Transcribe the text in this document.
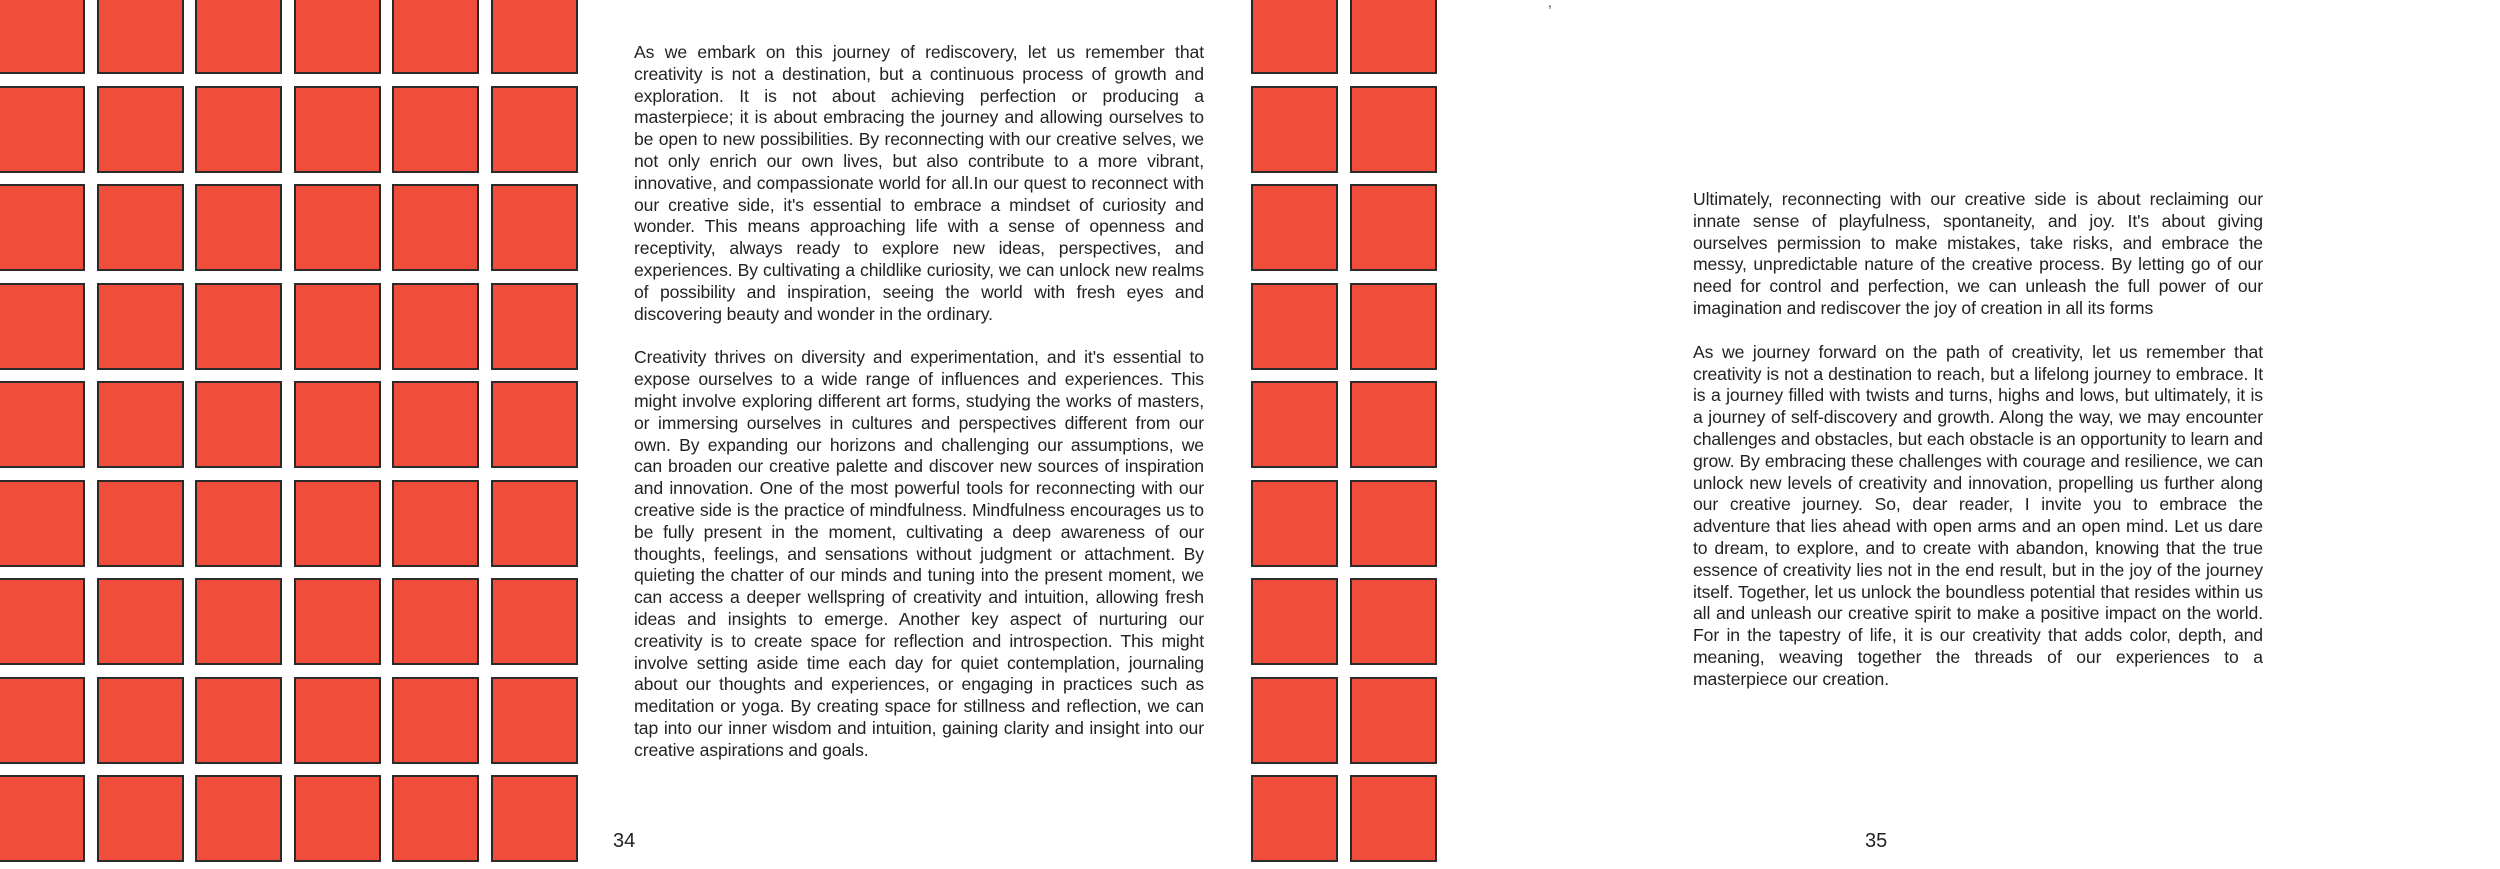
As we embark on this journey of rediscovery, let us remember that creativity is not a destination, but a continuous process of growth and exploration. It is not about achieving perfection or producing a masterpiece; it is about embracing the journey and allowing ourselves to be open to new possibilities. By reconnecting with our creative selves, we not only enrich our own lives, but also contribute to a more vibrant, innovative, and compassionate world for all.In our quest to reconnect with our creative side, it's essential to embrace a mindset of curiosity and wonder. This means approaching life with a sense of openness and receptivity, always ready to explore new ideas, perspectives, and experiences. By cultivating a childlike curiosity, we can unlock new realms of possibility and inspiration, seeing the world with fresh eyes and discovering beauty and wonder in the ordinary.

Creativity thrives on diversity and experimentation, and it's essential to expose ourselves to a wide range of influences and experiences. This might involve exploring different art forms, studying the works of masters, or immersing ourselves in cultures and perspectives different from our own. By expanding our horizons and challenging our assumptions, we can broaden our creative palette and discover new sources of inspiration and innovation. One of the most powerful tools for reconnecting with our creative side is the practice of mindfulness. Mindfulness encourages us to be fully present in the moment, cultivating a deep awareness of our thoughts, feelings, and sensations without judgment or attachment. By quieting the chatter of our minds and tuning into the present moment, we can access a deeper wellspring of creativity and intuition, allowing fresh ideas and insights to emerge. Another key aspect of nurturing our creativity is to create space for reflection and introspection. This might involve setting aside time each day for quiet contemplation, journaling about our thoughts and experiences, or engaging in practices such as meditation or yoga. By creating space for stillness and reflection, we can tap into our inner wisdom and intuition, gaining clarity and insight into our creative aspirations and goals.

Ultimately, reconnecting with our creative side is about reclaiming our innate sense of playfulness, spontaneity, and joy. It's about giving ourselves permission to make mistakes, take risks, and embrace the messy, unpredictable nature of the creative process. By letting go of our need for control and perfection, we can unleash the full power of our imagination and rediscover the joy of creation in all its forms

As we journey forward on the path of creativity, let us remember that creativity is not a destination to reach, but a lifelong journey to embrace. It is a journey filled with twists and turns, highs and lows, but ultimately, it is a journey of self-discovery and growth. Along the way, we may encounter challenges and obstacles, but each obstacle is an opportunity to learn and grow. By embracing these challenges with courage and resilience, we can unlock new levels of creativity and innovation, propelling us further along our creative journey. So, dear reader, I invite you to embrace the adventure that lies ahead with open arms and an open mind. Let us dare to dream, to explore, and to create with abandon, knowing that the true essence of creativity lies not in the end result, but in the joy of the journey itself. Together, let us unlock the boundless potential that resides within us all and unleash our creative spirit to make a positive impact on the world. For in the tapestry of life, it is our creativity that adds color, depth, and meaning, weaving together the threads of our experiences to a masterpiece our creation.

,
34	35
